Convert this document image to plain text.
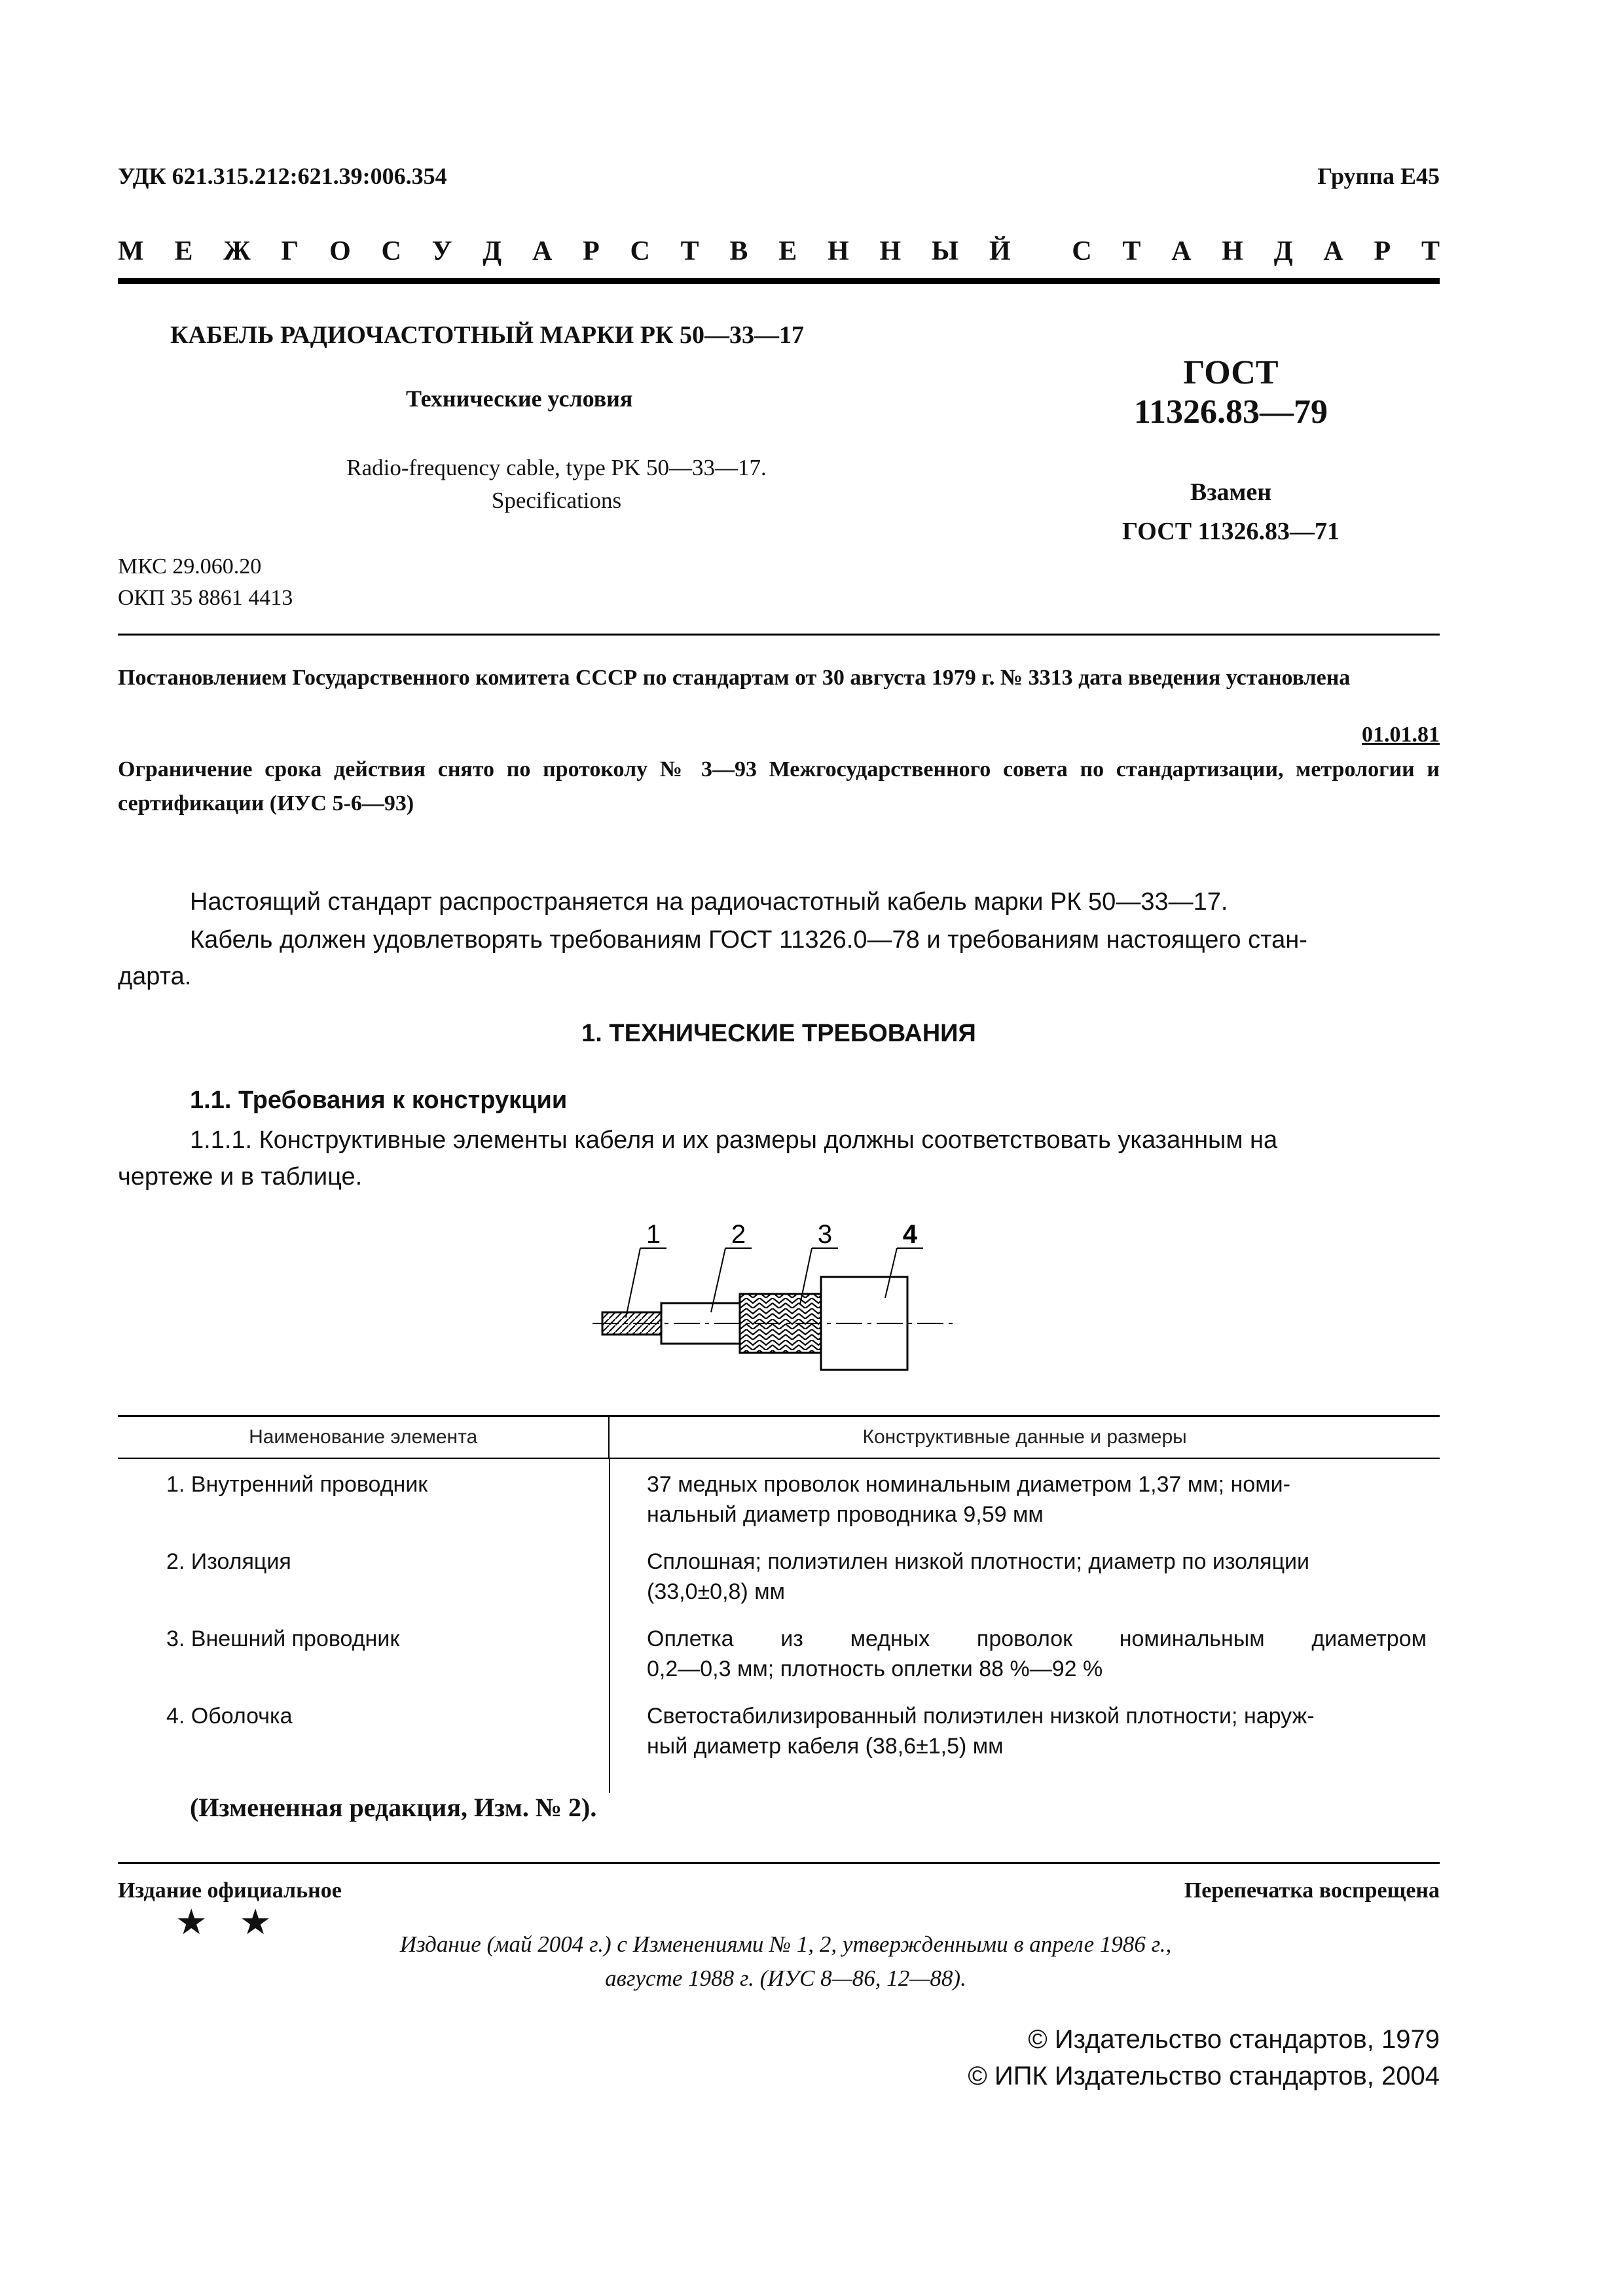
УДК 621.315.212:621.39:006.354	Группа Е45
М Е Ж Г О С У Д А Р С Т В Е Н Н Ы Й С Т А Н Д А Р Т
КАБЕЛЬ РАДИОЧАСТОТНЫЙ МАРКИ РК 50—33—17
Технические условия
Radio-frequency cable, type PK 50—33—17.
Specifications
ГОСТ
11326.83—79
Взамен
ГОСТ 11326.83—71
МКС 29.060.20
ОКП 35 8861 4413
Постановлением Государственного комитета СССР по стандартам от 30 августа 1979 г. № 3313 дата введения установлена
01.01.81
Ограничение срока действия снято по протоколу № 3—93 Межгосударственного совета по стандартизации, метрологии и сертификации (ИУС 5-6—93)
Настоящий стандарт распространяется на радиочастотный кабель марки РК 50—33—17.
Кабель должен удовлетворять требованиям ГОСТ 11326.0—78 и требованиям настоящего стан-
дарта.
1. ТЕХНИЧЕСКИЕ ТРЕБОВАНИЯ
1.1. Требования к конструкции
1.1.1. Конструктивные элементы кабеля и их размеры должны соответствовать указанным на
чертеже и в таблице.
1	2	3	4
Наименование элемента	Конструктивные данные и размеры
1. Внутренний проводник	37 медных проволок номинальным диаметром 1,37 мм; номи-
нальный диаметр проводника 9,59 мм
2. Изоляция	Сплошная; полиэтилен низкой плотности; диаметр по изоляции
(33,0±0,8) мм
3. Внешний проводник	Оплетка из медных проволок номинальным диаметром
0,2—0,3 мм; плотность оплетки 88 %—92 %
4. Оболочка	Светостабилизированный полиэтилен низкой плотности; наруж-
ный диаметр кабеля (38,6±1,5) мм
(Измененная редакция, Изм. № 2).
Издание официальное	Перепечатка воспрещена
★ ★
Издание (май 2004 г.) с Изменениями № 1, 2, утвержденными в апреле 1986 г.,
августе 1988 г. (ИУС 8—86, 12—88).
© Издательство стандартов, 1979
© ИПК Издательство стандартов, 2004
